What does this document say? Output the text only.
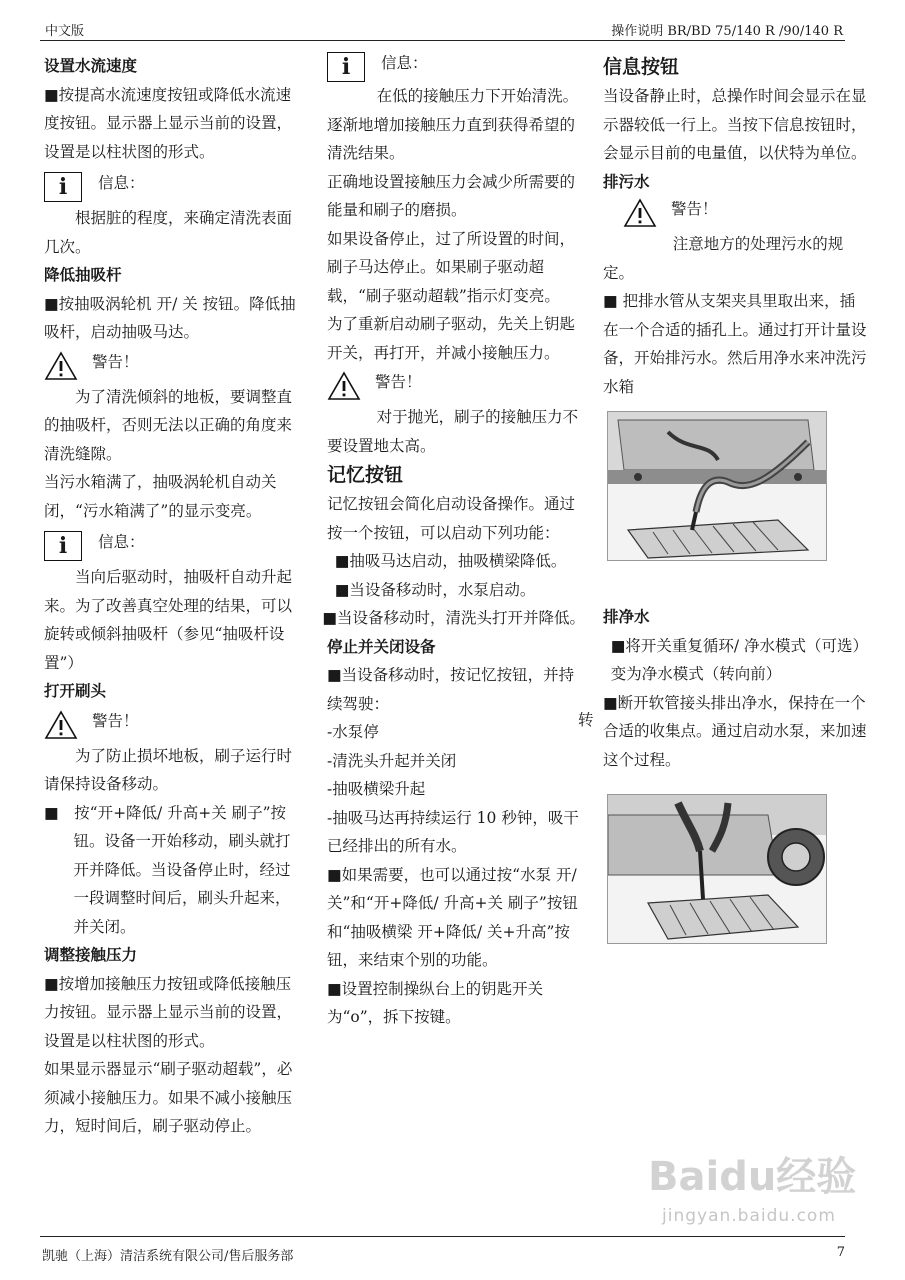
中文版	操作说明 BR/BD 75/140 R /90/140 R

设置水流速度

■按提高水流速度按钮或降低水流速度按钮。显示器上显示当前的设置，设置是以柱状图的形式。

i	信息：

根据脏的程度，来确定清洗表面几次。

降低抽吸杆

■按抽吸涡轮机 开/ 关 按钮。降低抽吸杆，启动抽吸马达。

警告！

为了清洗倾斜的地板，要调整直的抽吸杆，否则无法以正确的角度来清洗缝隙。

当污水箱满了，抽吸涡轮机自动关闭，“污水箱满了”的显示变亮。

i	信息：

当向后驱动时，抽吸杆自动升起来。为了改善真空处理的结果，可以旋转或倾斜抽吸杆（参见“抽吸杆设置”）

打开刷头

警告！

为了防止损坏地板，刷子运行时请保持设备移动。

■　按“开+降低/ 升高+关 刷子”按钮。设备一开始移动，刷头就打开并降低。当设备停止时，经过一段调整时间后，刷头升起来，并关闭。

调整接触压力

■按增加接触压力按钮或降低接触压力按钮。显示器上显示当前的设置，设置是以柱状图的形式。

如果显示器显示“刷子驱动超载”，必须减小接触压力。如果不减小接触压力，短时间后，刷子驱动停止。

i	信息：

在低的接触压力下开始清洗。逐渐地增加接触压力直到获得希望的清洗结果。

正确地设置接触压力会减少所需要的能量和刷子的磨损。

如果设备停止，过了所设置的时间，刷子马达停止。如果刷子驱动超载，“刷子驱动超载”指示灯变亮。

为了重新启动刷子驱动，先关上钥匙开关，再打开，并减小接触压力。

警告！

对于抛光，刷子的接触压力不要设置地太高。

记忆按钮

记忆按钮会简化启动设备操作。通过按一个按钮，可以启动下列功能：

■抽吸马达启动，抽吸横梁降低。

■当设备移动时，水泵启动。

■当设备移动时，清洗头打开并降低。

停止并关闭设备

■当设备移动时，按记忆按钮，并持续驾驶：

-水泵停

-清洗头升起并关闭

-抽吸横梁升起

-抽吸马达再持续运行 10 秒钟，吸干已经排出的所有水。

■如果需要，也可以通过按“水泵 开/ 关”和“开+降低/ 升高+关 刷子”按钮和“抽吸横梁 开+降低/ 关+升高”按钮，来结束个别的功能。

■设置控制操纵台上的钥匙开关为“o”，拆下按键。

转

信息按钮

当设备静止时，总操作时间会显示在显示器较低一行上。当按下信息按钮时，会显示目前的电量值，以伏特为单位。

排污水

警告！

注意地方的处理污水的规定。

■ 把排水管从支架夹具里取出来，插在一个合适的插孔上。通过打开计量设备，开始排污水。然后用净水来冲洗污水箱

排净水

■将开关重复循环/ 净水模式（可选）变为净水模式（转向前）

■断开软管接头排出净水，保持在一个合适的收集点。通过启动水泵，来加速这个过程。

Baidu经验
jingyan.baidu.com
凯驰（上海）清洁系统有限公司/售后服务部	7
